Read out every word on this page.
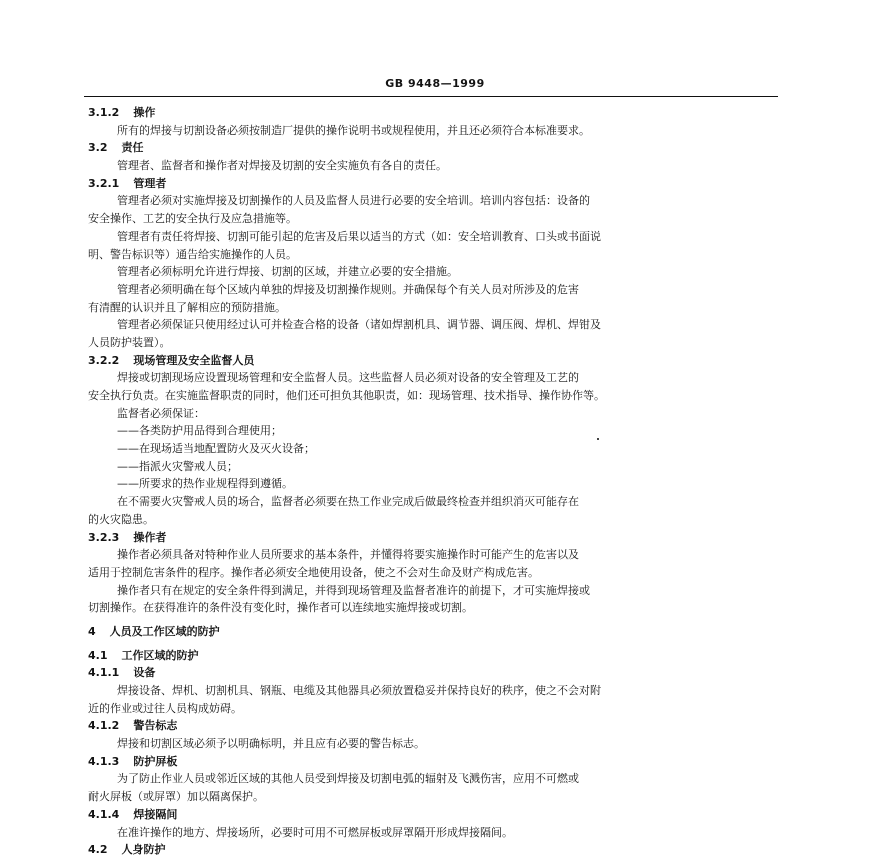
GB 9448—1999
3.1.2 操作
所有的焊接与切割设备必须按制造厂提供的操作说明书或规程使用，并且还必须符合本标准要求。
3.2 责任
管理者、监督者和操作者对焊接及切割的安全实施负有各自的责任。
3.2.1 管理者
管理者必须对实施焊接及切割操作的人员及监督人员进行必要的安全培训。培训内容包括：设备的
安全操作、工艺的安全执行及应急措施等。
管理者有责任将焊接、切割可能引起的危害及后果以适当的方式（如：安全培训教育、口头或书面说
明、警告标识等）通告给实施操作的人员。
管理者必须标明允许进行焊接、切割的区域，并建立必要的安全措施。
管理者必须明确在每个区域内单独的焊接及切割操作规则。并确保每个有关人员对所涉及的危害
有清醒的认识并且了解相应的预防措施。
管理者必须保证只使用经过认可并检查合格的设备（诸如焊割机具、调节器、调压阀、焊机、焊钳及
人员防护装置）。
3.2.2 现场管理及安全监督人员
焊接或切割现场应设置现场管理和安全监督人员。这些监督人员必须对设备的安全管理及工艺的
安全执行负责。在实施监督职责的同时，他们还可担负其他职责，如：现场管理、技术指导、操作协作等。
监督者必须保证：
——各类防护用品得到合理使用；
——在现场适当地配置防火及灭火设备；
——指派火灾警戒人员；
——所要求的热作业规程得到遵循。
在不需要火灾警戒人员的场合，监督者必须要在热工作业完成后做最终检查并组织消灭可能存在
的火灾隐患。
3.2.3 操作者
操作者必须具备对特种作业人员所要求的基本条件，并懂得将要实施操作时可能产生的危害以及
适用于控制危害条件的程序。操作者必须安全地使用设备，使之不会对生命及财产构成危害。
操作者只有在规定的安全条件得到满足，并得到现场管理及监督者准许的前提下，才可实施焊接或
切割操作。在获得准许的条件没有变化时，操作者可以连续地实施焊接或切割。
4 人员及工作区域的防护
4.1 工作区域的防护
4.1.1 设备
焊接设备、焊机、切割机具、钢瓶、电缆及其他器具必须放置稳妥并保持良好的秩序，使之不会对附
近的作业或过往人员构成妨碍。
4.1.2 警告标志
焊接和切割区域必须予以明确标明，并且应有必要的警告标志。
4.1.3 防护屏板
为了防止作业人员或邻近区域的其他人员受到焊接及切割电弧的辐射及飞溅伤害，应用不可燃或
耐火屏板（或屏罩）加以隔离保护。
4.1.4 焊接隔间
在准许操作的地方、焊接场所，必要时可用不可燃屏板或屏罩隔开形成焊接隔间。
4.2 人身防护
